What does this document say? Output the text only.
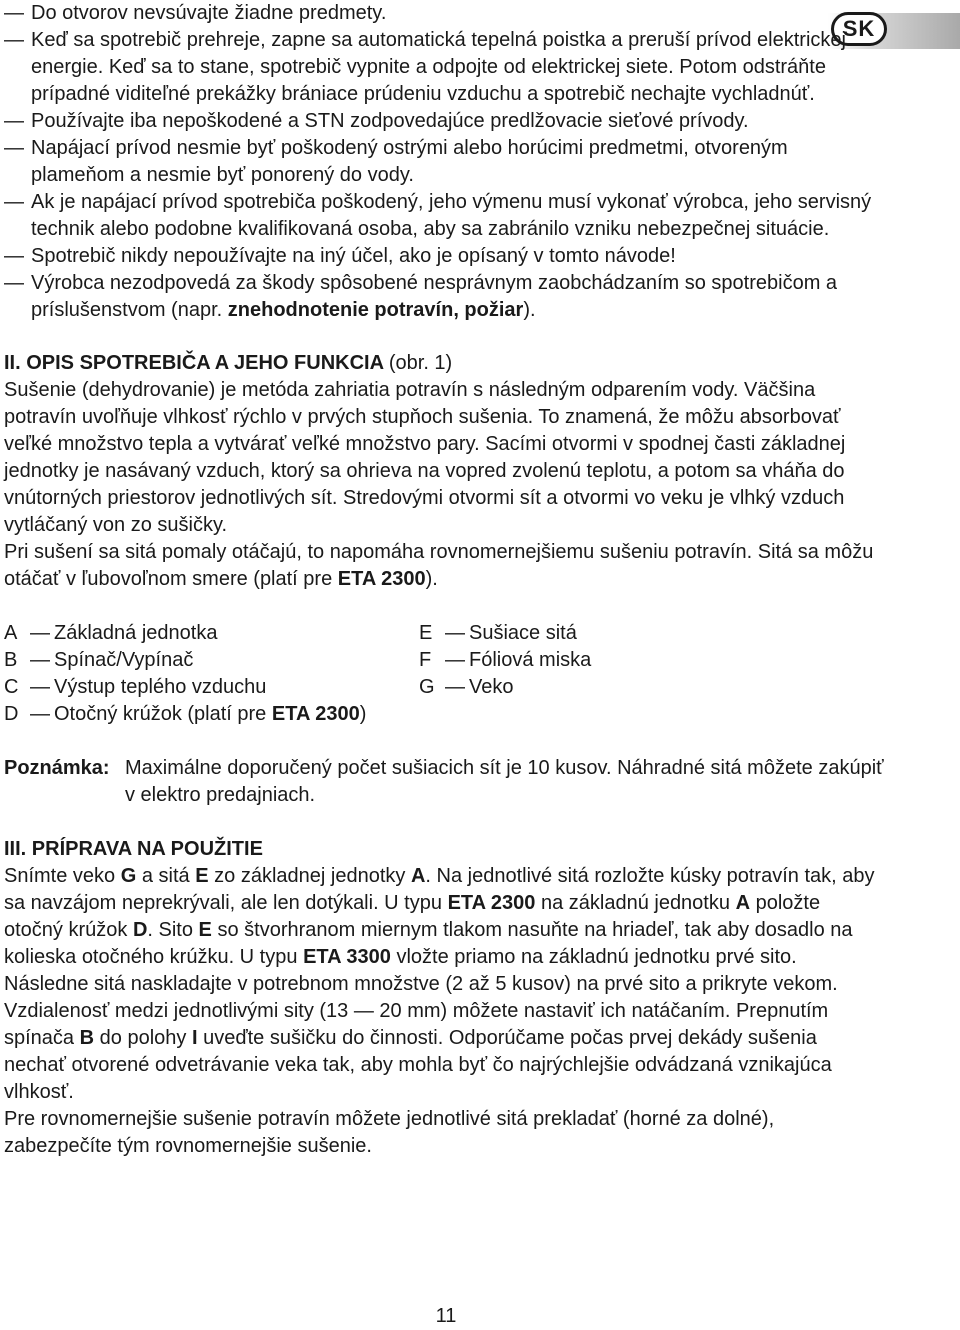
SK
— Do otvorov nevsúvajte žiadne predmety.
— Keď sa spotrebič prehreje, zapne sa automatická tepelná poistka a preruší prívod elektrickej energie. Keď sa to stane, spotrebič vypnite a odpojte od elektrickej siete. Potom odstráňte prípadné viditeľné prekážky brániace prúdeniu vzduchu a spotrebič nechajte vychladnúť.
— Používajte iba nepoškodené a STN zodpovedajúce predlžovacie sieťové prívody.
— Napájací prívod nesmie byť poškodený ostrými alebo horúcimi predmetmi, otvoreným plameňom a nesmie byť ponorený do vody.
— Ak je napájací prívod spotrebiča poškodený, jeho výmenu musí vykonať výrobca, jeho servisný technik alebo podobne kvalifikovaná osoba, aby sa zabránilo vzniku nebezpečnej situácie.
— Spotrebič nikdy nepoužívajte na iný účel, ako je opísaný v tomto návode!
— Výrobca nezodpovedá za škody spôsobené nesprávnym zaobchádzaním so spotrebičom a príslušenstvom (napr. znehodnotenie potravín, požiar).

II. OPIS SPOTREBIČA A JEHO FUNKCIA (obr. 1)

Sušenie (dehydrovanie) je metóda zahriatia potravín s následným odparením vody. Väčšina potravín uvoľňuje vlhkosť rýchlo v prvých stupňoch sušenia. To znamená, že môžu absorbovať veľké množstvo tepla a vytvárať veľké množstvo pary. Sacími otvormi v spodnej časti základnej jednotky je nasávaný vzduch, ktorý sa ohrieva na vopred zvolenú teplotu, a potom sa vháňa do vnútorných priestorov jednotlivých sít. Stredovými otvormi sít a otvormi vo veku je vlhký vzduch vytláčaný von zo sušičky.

Pri sušení sa sitá pomaly otáčajú, to napomáha rovnomernejšiemu sušeniu potravín. Sitá sa môžu otáčať v ľubovoľnom smere (platí pre ETA 2300).

A — Základná jednotka
B — Spínač/Vypínač
C — Výstup teplého vzduchu
D — Otočný krúžok (platí pre ETA 2300)
E — Sušiace sitá
F — Fóliová miska
G — Veko
Poznámka: Maximálne doporučený počet sušiacich sít je 10 kusov. Náhradné sitá môžete zakúpiť v elektro predajniach.

III. PRÍPRAVA NA POUŽITIE

Snímte veko G a sitá E zo základnej jednotky A. Na jednotlivé sitá rozložte kúsky potravín tak, aby sa navzájom neprekrývali, ale len dotýkali. U typu ETA 2300 na základnú jednotku A položte otočný krúžok D. Sito E so štvorhranom miernym tlakom nasuňte na hriadeľ, tak aby dosadlo na kolieska otočného krúžku. U typu ETA 3300 vložte priamo na základnú jednotku prvé sito. Následne sitá naskladajte v potrebnom množstve (2 až 5 kusov) na prvé sito a prikryte vekom. Vzdialenosť medzi jednotlivými sity (13 — 20 mm) môžete nastaviť ich natáčaním. Prepnutím spínača B do polohy I uveďte sušičku do činnosti. Odporúčame počas prvej dekády sušenia nechať otvorené odvetrávanie veka tak, aby mohla byť čo najrýchlejšie odvádzaná vznikajúca vlhkosť.

Pre rovnomernejšie sušenie potravín môžete jednotlivé sitá prekladať (horné za dolné), zabezpečíte tým rovnomernejšie sušenie.

11
